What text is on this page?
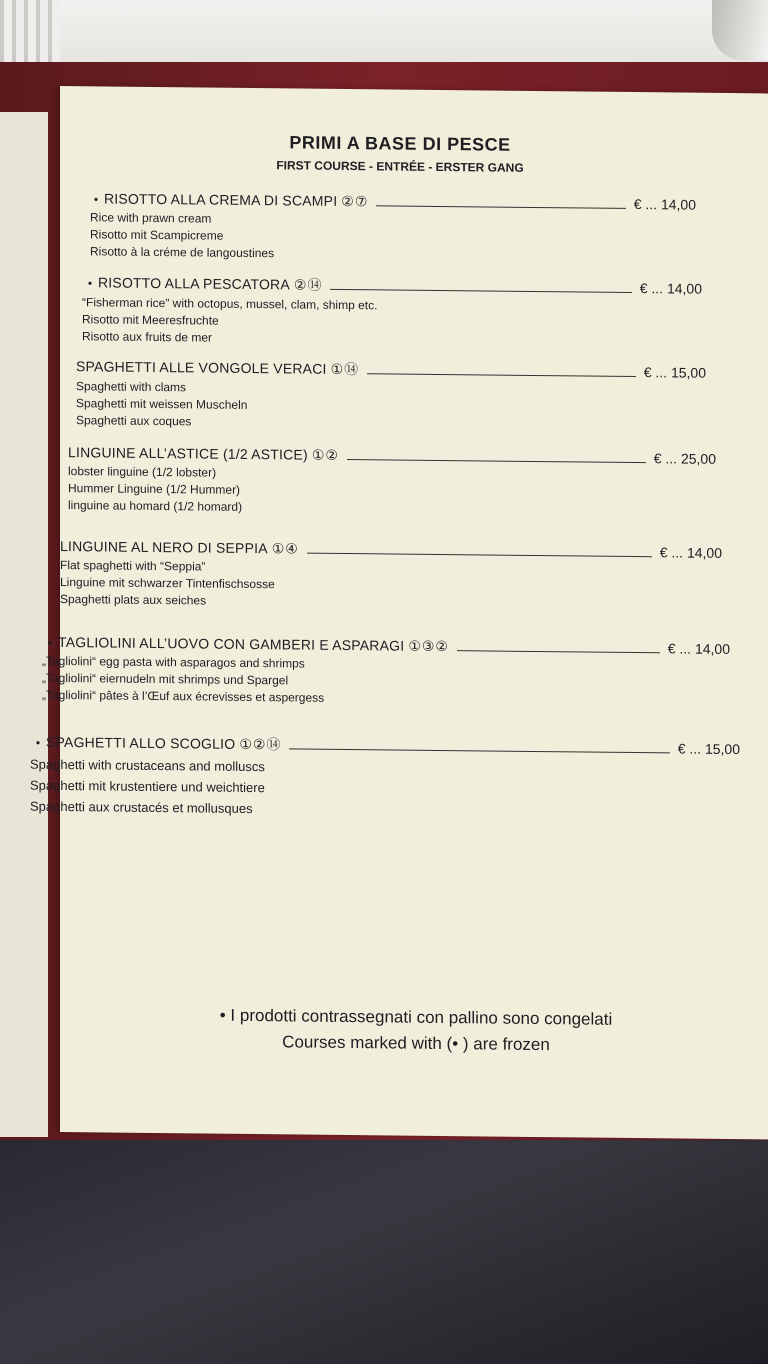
PRIMI A BASE DI PESCE
FIRST COURSE - ENTRÉE - ERSTER GANG
• RISOTTO ALLA CREMA DI SCAMPI ②⑦	€ ... 14,00
Rice with prawn cream
Risotto mit Scampicreme
Risotto à la créme de langoustines
• RISOTTO ALLA PESCATORA ②⑭	€ ... 14,00
“Fisherman rice” with octopus, mussel, clam, shimp etc.
Risotto mit Meeresfruchte
Risotto aux fruits de mer
SPAGHETTI ALLE VONGOLE VERACI ①⑭	€ ... 15,00
Spaghetti with clams
Spaghetti mit weissen Muscheln
Spaghetti aux coques
LINGUINE ALL’ASTICE (1/2 ASTICE) ①②	€ ... 25,00
lobster linguine (1/2 lobster)
Hummer Linguine (1/2 Hummer)
linguine au homard (1/2 homard)
LINGUINE AL NERO DI SEPPIA ①④	€ ... 14,00
Flat spaghetti with “Seppia”
Linguine mit schwarzer Tintenfischsosse
Spaghetti plats aux seiches
• TAGLIOLINI ALL’UOVO CON GAMBERI E ASPARAGI ①③②	€ ... 14,00
„Tagliolini“ egg pasta with asparagos and shrimps
„Tagliolini“ eiernudeln mit shrimps und Spargel
„Tagliolini“ pâtes à l’Œuf aux écrevisses et aspergess
• SPAGHETTI ALLO SCOGLIO ①②⑭	€ ... 15,00
Spaghetti with crustaceans and molluscs
Spaghetti mit krustentiere und weichtiere
Spaghetti aux crustacés et mollusques
• I prodotti contrassegnati con pallino sono congelati
Courses marked with (• ) are frozen
